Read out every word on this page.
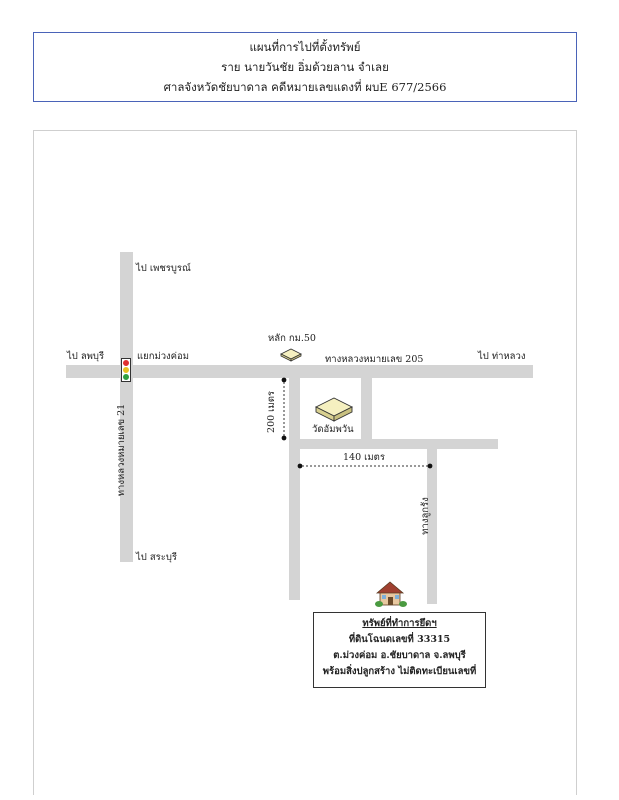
แผนที่การไปที่ตั้งทรัพย์
ราย นายวันชัย อิ่มด้วยลาน จำเลย
ศาลจังหวัดชัยบาดาล คดีหมายเลขแดงที่ ผบE 677/2566
ไป เพชรบูรณ์
ไป ลพบุรี	แยกม่วงค่อม
หลัก กม.50
ทางหลวงหมายเลข 205	ไป ท่าหลวง
ทางหลวงหมายเลข 21
ไป สระบุรี
200 เมตร	วัดอัมพวัน
140 เมตร
ทางลูกรัง
ทรัพย์ที่ทำการยึดฯ
ที่ดินโฉนดเลขที่ 33315
ต.ม่วงค่อม อ.ชัยบาดาล จ.ลพบุรี
พร้อมสิ่งปลูกสร้าง ไม่ติดทะเบียนเลขที่
